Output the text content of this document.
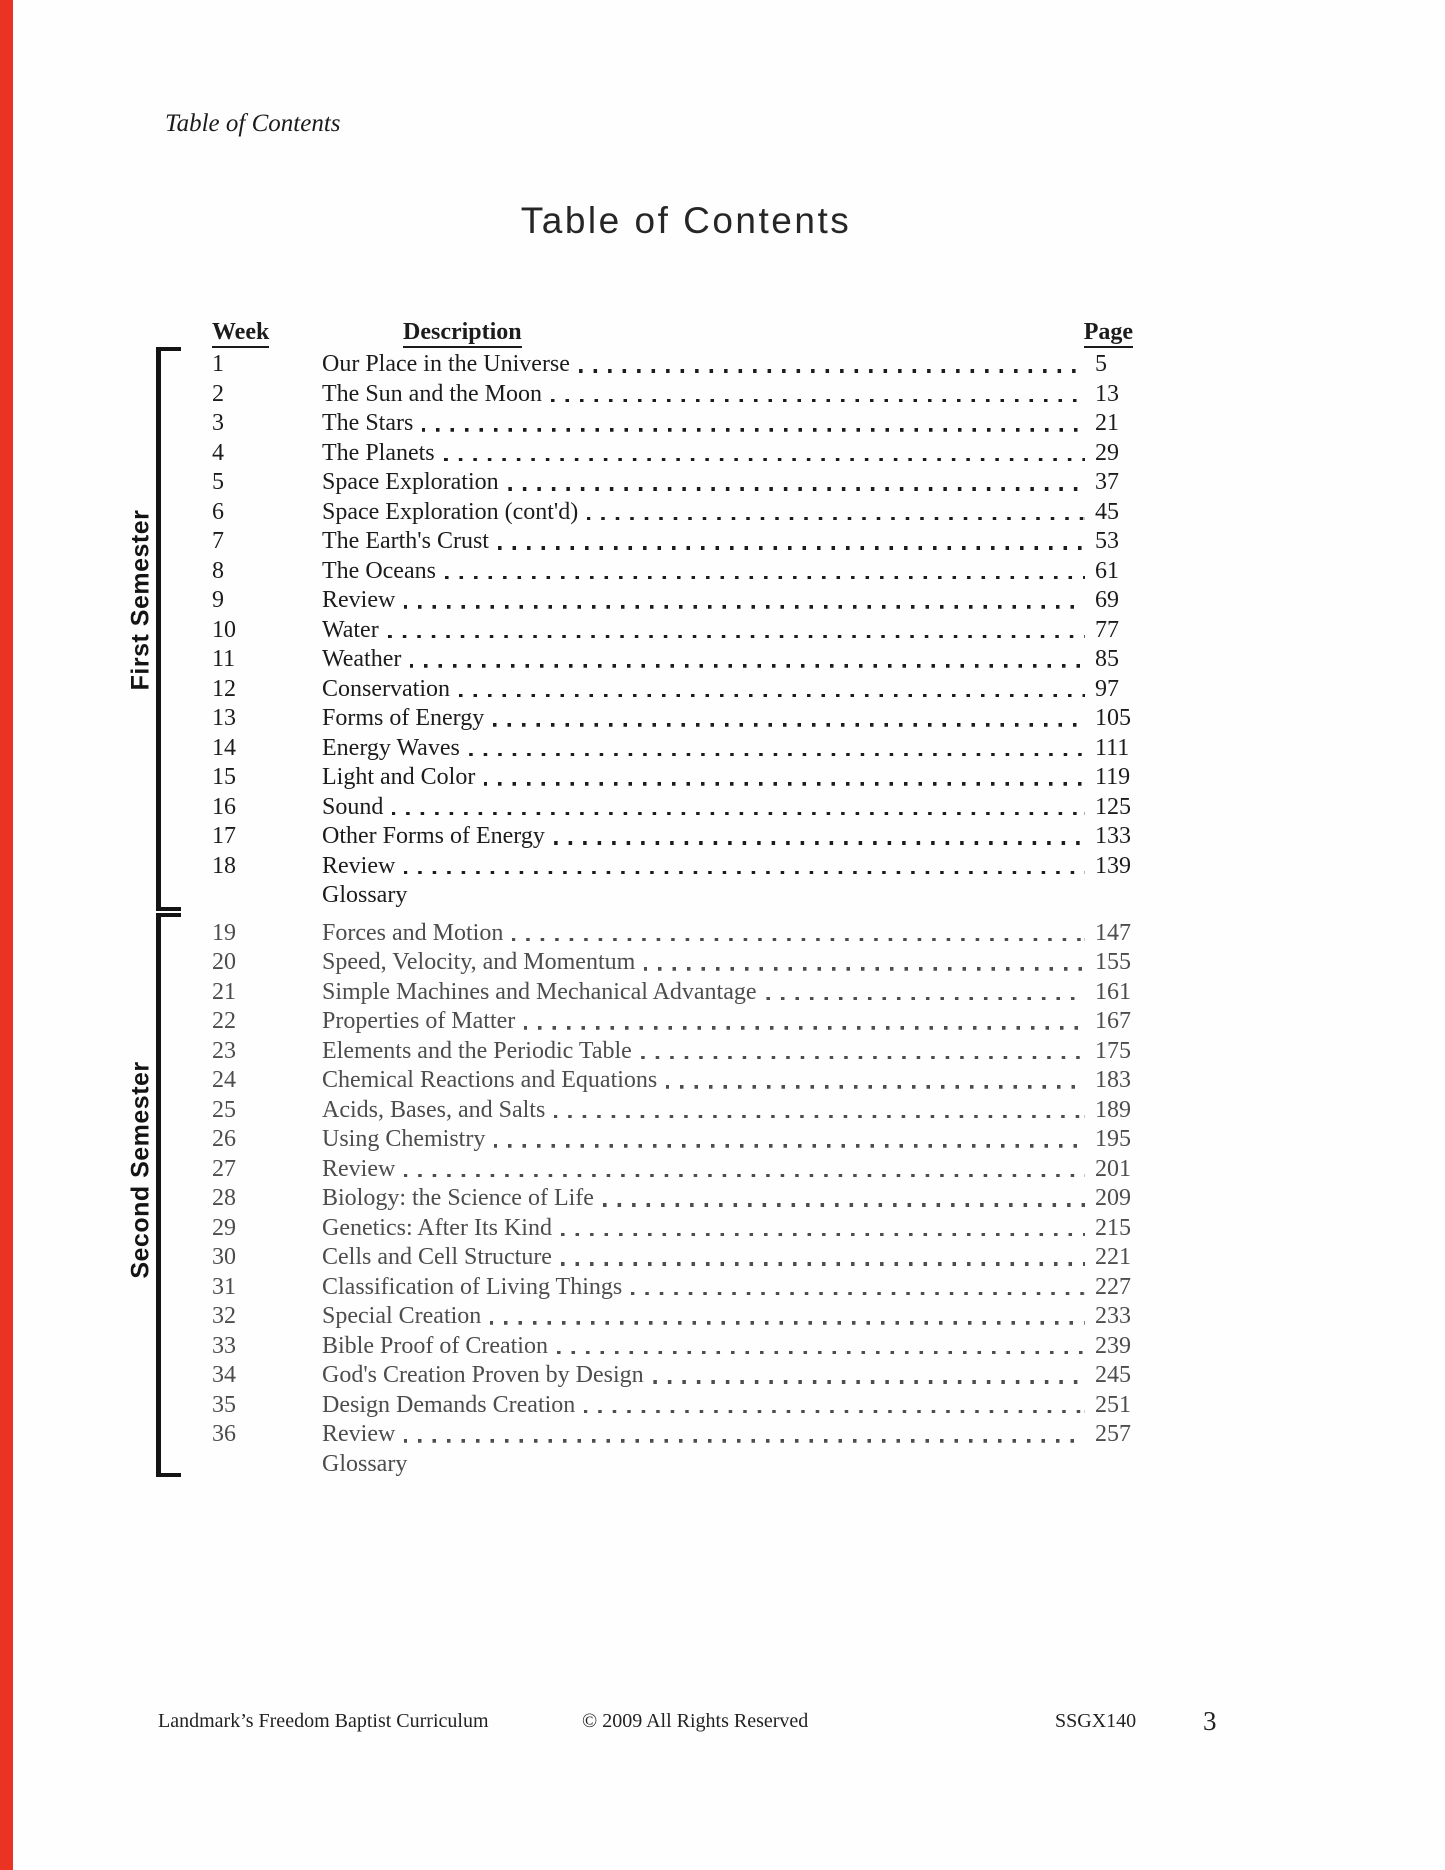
Table of Contents
Table of Contents
Week	Description	Page
1	Our Place in the Universe	5
2	The Sun and the Moon	13
3	The Stars	21
4	The Planets	29
5	Space Exploration	37
6	Space Exploration (cont'd)	45
7	The Earth's Crust	53
8	The Oceans	61
9	Review	69
10	Water	77
11	Weather	85
12	Conservation	97
13	Forms of Energy	105
14	Energy Waves	111
15	Light and Color	119
16	Sound	125
17	Other Forms of Energy	133
18	Review	139
Glossary
19	Forces and Motion	147
20	Speed, Velocity, and Momentum	155
21	Simple Machines and Mechanical Advantage	161
22	Properties of Matter	167
23	Elements and the Periodic Table	175
24	Chemical Reactions and Equations	183
25	Acids, Bases, and Salts	189
26	Using Chemistry	195
27	Review	201
28	Biology: the Science of Life	209
29	Genetics: After Its Kind	215
30	Cells and Cell Structure	221
31	Classification of Living Things	227
32	Special Creation	233
33	Bible Proof of Creation	239
34	God's Creation Proven by Design	245
35	Design Demands Creation	251
36	Review	257
Glossary
First Semester
Second Semester
Landmark’s Freedom Baptist Curriculum	© 2009 All Rights Reserved	SSGX140 3
